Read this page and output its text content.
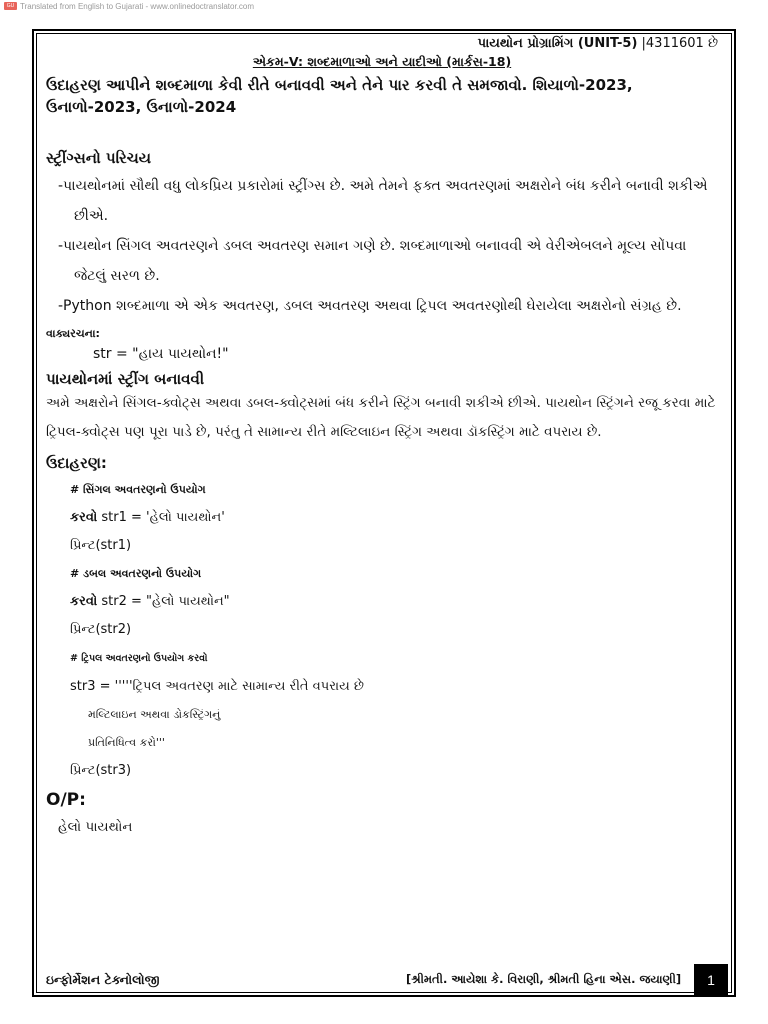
GU Translated from English to Gujarati - www.onlinedoctranslator.com
પાયથોન પ્રોગ્રામિંગ (UNIT-5) |4311601 છે
એકમ-V: શબ્દમાળાઓ અને યાદીઓ (માર્કસ-18)
ઉદાહરણ આપીને શબ્દમાળા કેવી રીતે બનાવવી અને તેને પાર કરવી તે સમજાવો. શિયાળો-2023, ઉનાળો-2023, ઉનાળો-2024
સ્ટ્રીંગ્સનો પરિચય

-પાયથોનમાં સૌથી વધુ લોકપ્રિય પ્રકારોમાં સ્ટ્રીંગ્સ છે. અમે તેમને ફક્ત અવતરણમાં અક્ષરોને બંધ કરીને બનાવી શકીએ છીએ.

-પાયથોન સિંગલ અવતરણને ડબલ અવતરણ સમાન ગણે છે. શબ્દમાળાઓ બનાવવી એ વેરીએબલને મૂલ્ય સોંપવા જેટલું સરળ છે.

-Python શબ્દમાળા એ એક અવતરણ, ડબલ અવતરણ અથવા ટ્રિપલ અવતરણોથી ઘેરાયેલા અક્ષરોનો સંગ્રહ છે.

વાક્યરચના:
str = "હાય પાયથોન!"
પાયથોનમાં સ્ટ્રીંગ બનાવવી

અમે અક્ષરોને સિંગલ-ક્વોટ્સ અથવા ડબલ-ક્વોટ્સમાં બંધ કરીને સ્ટ્રિંગ બનાવી શકીએ છીએ. પાયથોન સ્ટ્રિંગને રજૂ કરવા માટે ટ્રિપલ-ક્વોટ્સ પણ પૂરા પાડે છે, પરંતુ તે સામાન્ય રીતે મલ્ટિલાઇન સ્ટ્રિંગ અથવા ડૉકસ્ટ્રિંગ માટે વપરાય છે.

ઉદાહરણ:
# સિંગલ અવતરણનો ઉપયોગ
કરવો str1 = 'હેલો પાયથોન'
પ્રિન્ટ(str1)
# ડબલ અવતરણનો ઉપયોગ
કરવો str2 = "હેલો પાયથોન"
પ્રિન્ટ(str2)
# ટ્રિપલ અવતરણનો ઉપયોગ કરવો
str3 = '''''ટ્રિપલ અવતરણ માટે સામાન્ય રીતે વપરાય છે
મલ્ટિલાઇન અથવા ડોકસ્ટ્રિંગનું
પ્રતિનિધિત્વ કરો'''
પ્રિન્ટ(str3)
O/P:
હેલો પાયથોન
ઇન્ફોર્મેશન ટેક્નોલોજી	[શ્રીમતી. આયેશા કે. વિરાણી, શ્રીમતી હિના એસ. જયાણી]	1
